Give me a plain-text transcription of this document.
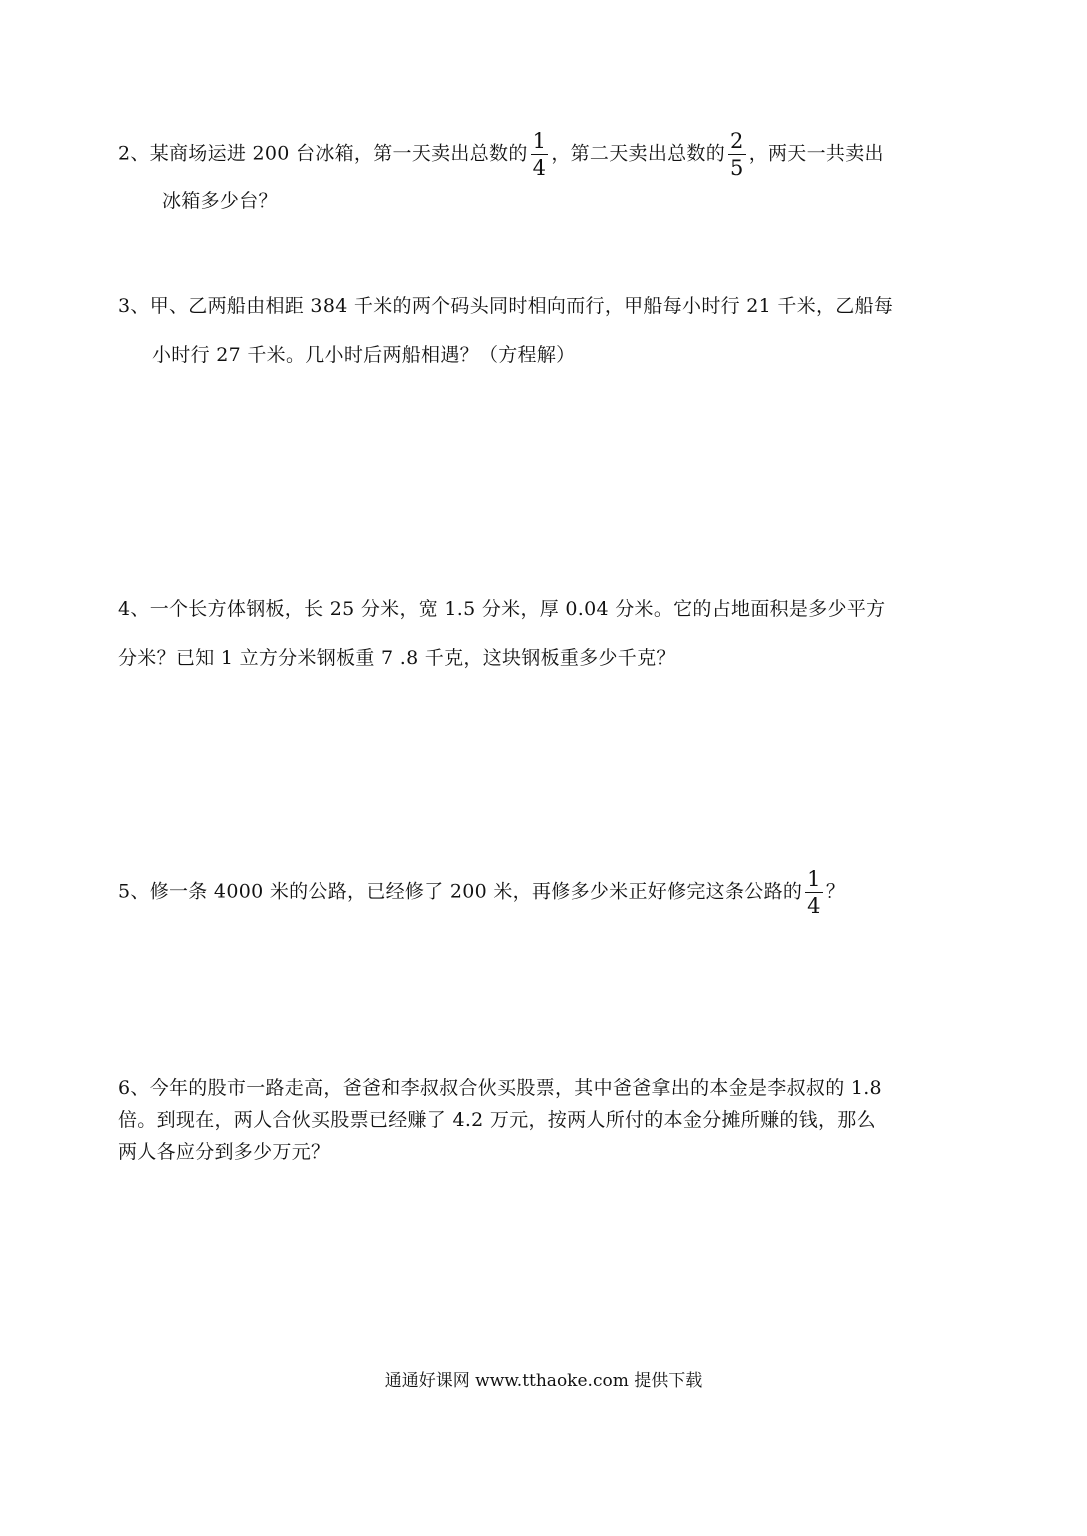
2、某商场运进 200 台冰箱，第一天卖出总数的 $\frac{1}{4}$ ，第二天卖出总数的 $\frac{2}{5}$ ，两天一共卖出
冰箱多少台？
3、甲、乙两船由相距 384 千米的两个码头同时相向而行，甲船每小时行 21 千米，乙船每
小时行 27 千米。几小时后两船相遇？（方程解）
4、一个长方体钢板，长 25 分米，宽 1.5 分米，厚 0.04 分米。它的占地面积是多少平方
分米？已知 1 立方分米钢板重 7 .8 千克，这块钢板重多少千克？
5、修一条 4000 米的公路，已经修了 200 米，再修多少米正好修完这条公路的 $\frac{1}{4}$ ？
6、今年的股市一路走高，爸爸和李叔叔合伙买股票，其中爸爸拿出的本金是李叔叔的 1.8
倍。到现在，两人合伙买股票已经赚了 4.2 万元，按两人所付的本金分摊所赚的钱，那么
两人各应分到多少万元？
通通好课网 www.tthaoke.com 提供下载
